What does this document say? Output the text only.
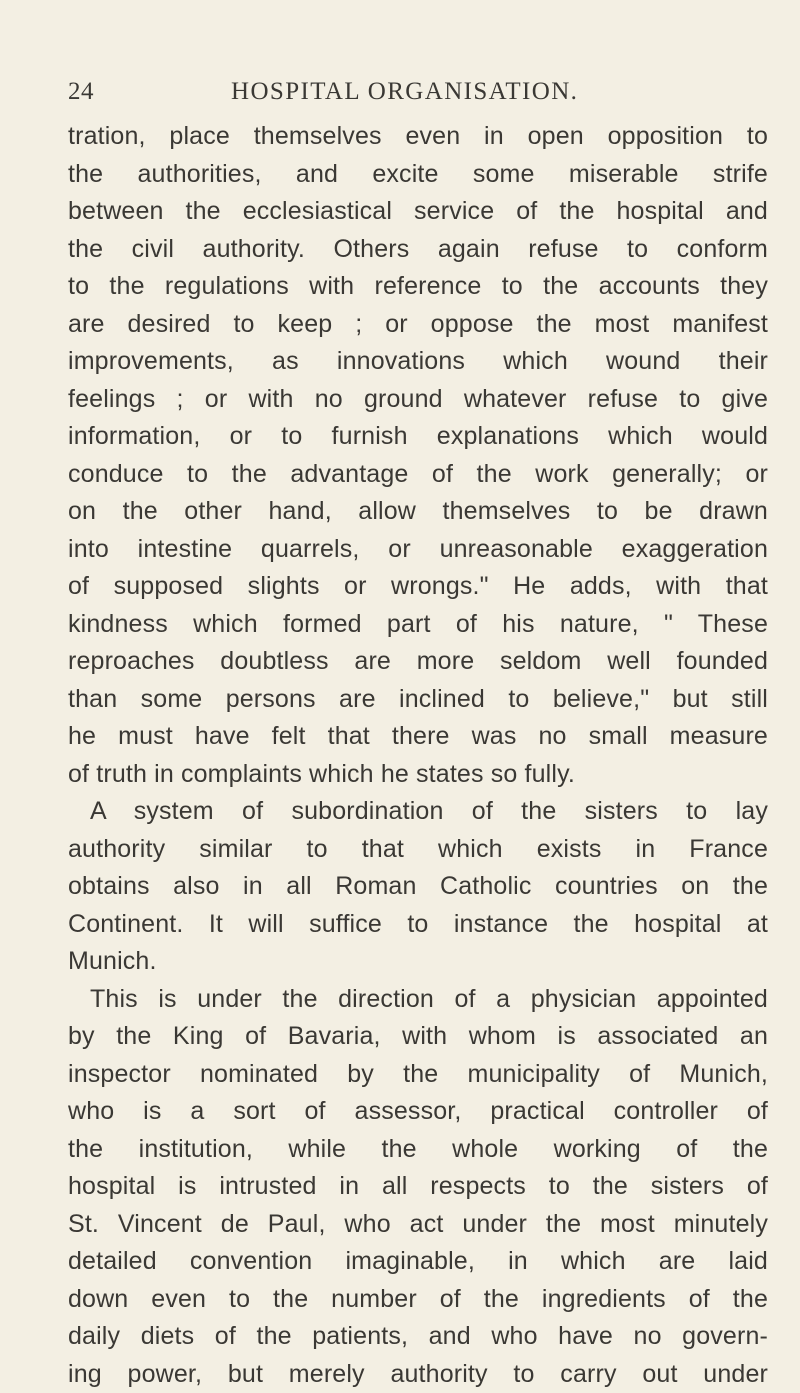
24	HOSPITAL ORGANISATION.
tration, place themselves even in open opposition to
the authorities, and excite some miserable strife
between the ecclesiastical service of the hospital and
the civil authority. Others again refuse to conform
to the regulations with reference to the accounts they
are desired to keep ; or oppose the most manifest
improvements, as innovations which wound their
feelings ; or with no ground whatever refuse to give
information, or to furnish explanations which would
conduce to the advantage of the work generally; or
on the other hand, allow themselves to be drawn
into intestine quarrels, or unreasonable exaggeration
of supposed slights or wrongs." He adds, with that
kindness which formed part of his nature, " These
reproaches doubtless are more seldom well founded
than some persons are inclined to believe," but still
he must have felt that there was no small measure
of truth in complaints which he states so fully.
A system of subordination of the sisters to lay
authority similar to that which exists in France
obtains also in all Roman Catholic countries on the
Continent. It will suffice to instance the hospital at
Munich.
This is under the direction of a physician appointed
by the King of Bavaria, with whom is associated an
inspector nominated by the municipality of Munich,
who is a sort of assessor, practical controller of
the institution, while the whole working of the
hospital is intrusted in all respects to the sisters of
St. Vincent de Paul, who act under the most minutely
detailed convention imaginable, in which are laid
down even to the number of the ingredients of the
daily diets of the patients, and who have no govern-
ing power, but merely authority to carry out under
